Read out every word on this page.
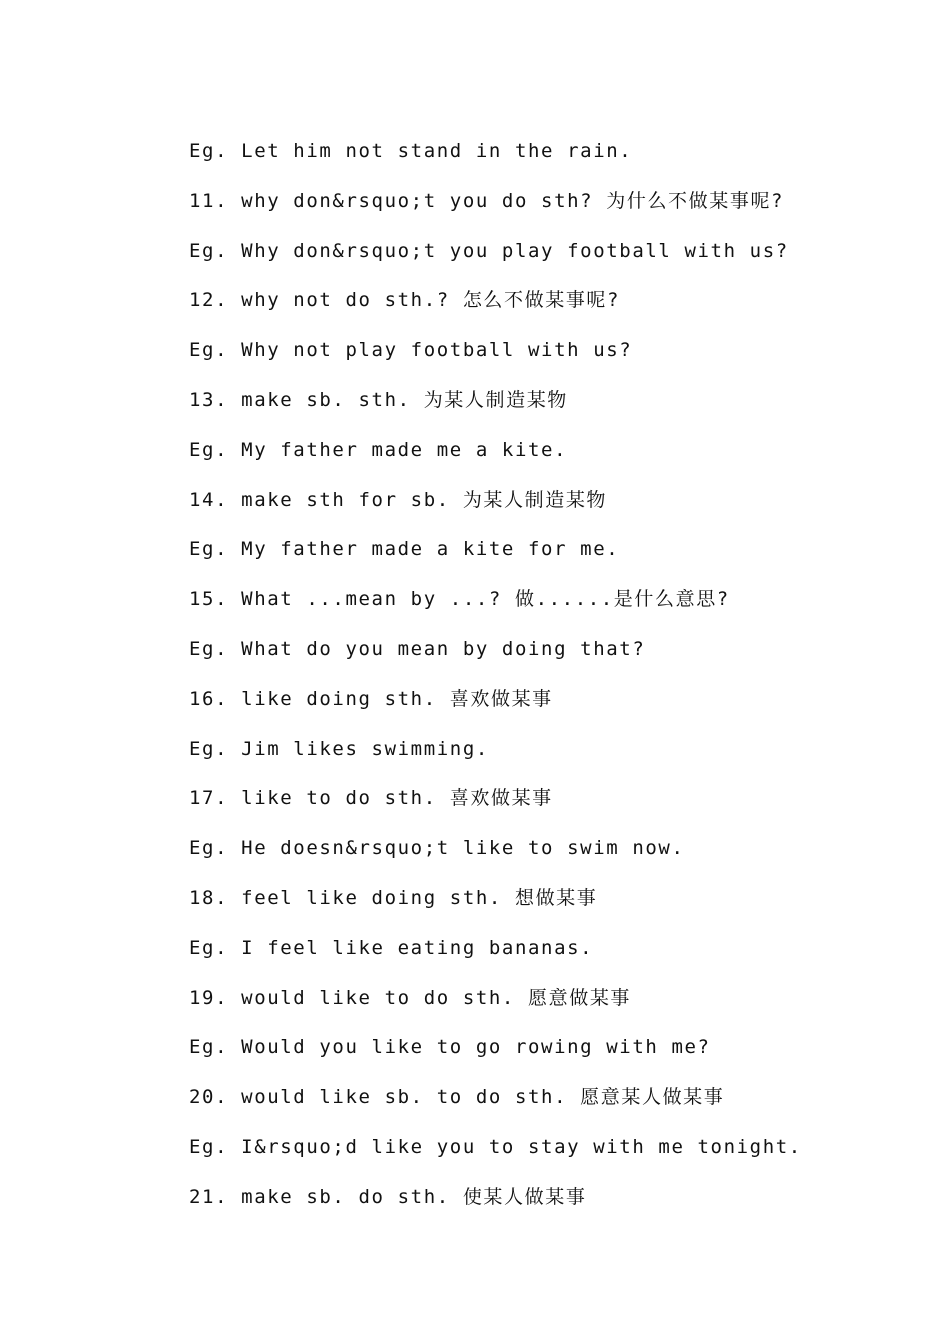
Eg. Let him not stand in the rain.
11. why don&rsquo;t you do sth? 为什么不做某事呢?
Eg. Why don&rsquo;t you play football with us?
12. why not do sth.? 怎么不做某事呢?
Eg. Why not play football with us?
13. make sb. sth. 为某人制造某物
Eg. My father made me a kite.
14. make sth for sb. 为某人制造某物
Eg. My father made a kite for me.
15. What ...mean by ...? 做......是什么意思?
Eg. What do you mean by doing that?
16. like doing sth. 喜欢做某事
Eg. Jim likes swimming.
17. like to do sth. 喜欢做某事
Eg. He doesn&rsquo;t like to swim now.
18. feel like doing sth. 想做某事
Eg. I feel like eating bananas.
19. would like to do sth. 愿意做某事
Eg. Would you like to go rowing with me?
20. would like sb. to do sth. 愿意某人做某事
Eg. I&rsquo;d like you to stay with me tonight.
21. make sb. do sth. 使某人做某事
